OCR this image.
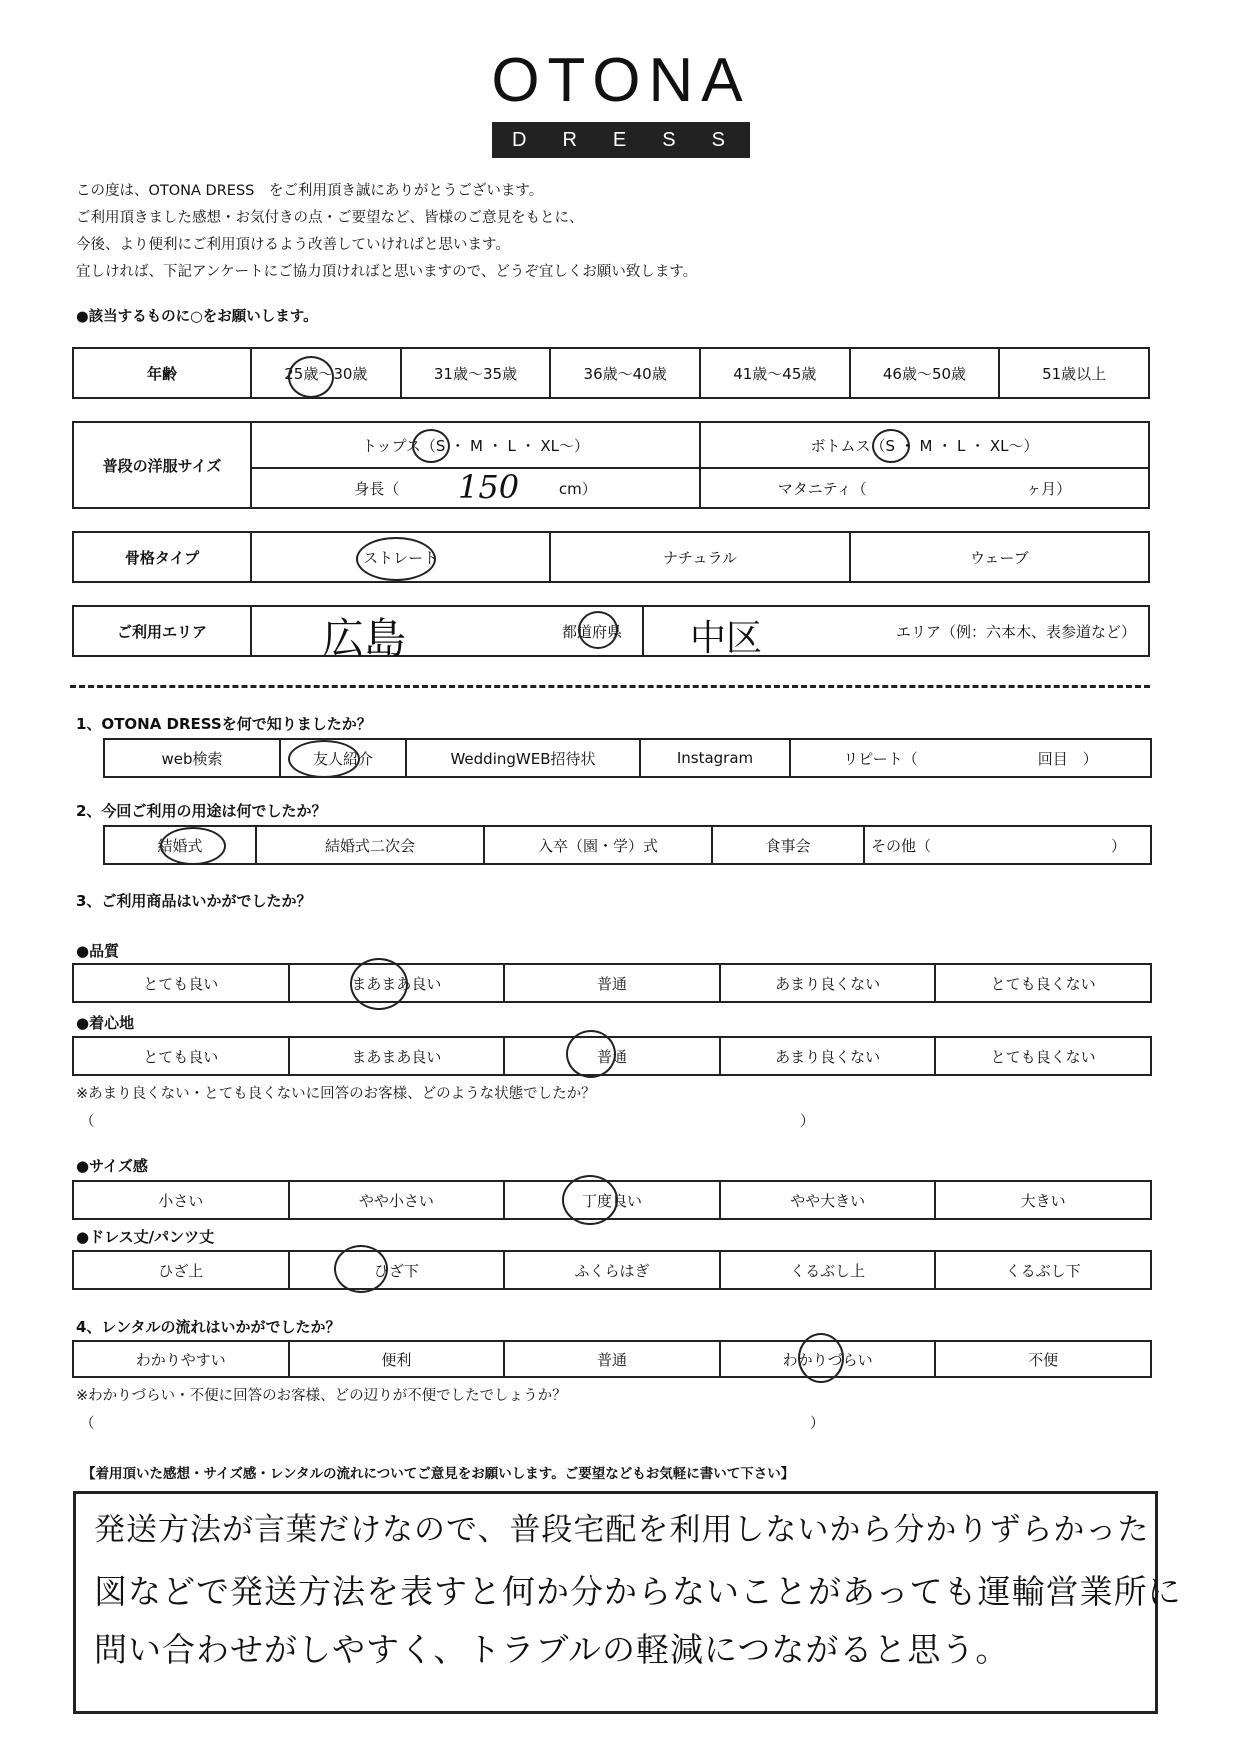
OTONA
DRESS
この度は、OTONA DRESS　をご利用頂き誠にありがとうございます。
ご利用頂きました感想・お気付きの点・ご要望など、皆様のご意見をもとに、
今後、より便利にご利用頂けるよう改善していければと思います。
宜しければ、下記アンケートにご協力頂ければと思いますので、どうぞ宜しくお願い致します。
●該当するものに○をお願いします。
年齢	25歳～30歳	31歳～35歳	36歳～40歳	41歳～45歳	46歳～50歳	51歳以上
普段の洋服サイズ	トップス（S ・ M ・ L ・ XL～）	ボトムス（S ・ M ・ L ・ XL～）
	身長（ cm）	マタニティ（ ヶ月）
150
骨格タイプ	ストレート	ナチュラル	ウェーブ
ご利用エリア	都道府県	エリア（例：六本木、表参道など）
広島	中区
1、OTONA DRESSを何で知りましたか？
web検索	友人紹介	WeddingWEB招待状	Instagram	リピート（　　　　　　　　回目　）
2、今回ご利用の用途は何でしたか？
結婚式	結婚式二次会	入卒（園・学）式	食事会	その他（　　　　　　　　　　　　）
3、ご利用商品はいかがでしたか？
●品質
とても良い	まあまあ良い	普通	あまり良くない	とても良くない
●着心地
とても良い	まあまあ良い	普通	あまり良くない	とても良くない
※あまり良くない・とても良くないに回答のお客様、どのような状態でしたか？
（	）
●サイズ感
小さい	やや小さい	丁度良い	やや大きい	大きい
●ドレス丈/パンツ丈
ひざ上	ひざ下	ふくらはぎ	くるぶし上	くるぶし下
4、レンタルの流れはいかがでしたか？
わかりやすい	便利	普通	わかりづらい	不便
※わかりづらい・不便に回答のお客様、どの辺りが不便でしたでしょうか？
（	）
【着用頂いた感想・サイズ感・レンタルの流れについてご意見をお願いします。ご要望などもお気軽に書いて下さい】
発送方法が言葉だけなので、普段宅配を利用しないから分かりずらかった
図などで発送方法を表すと何か分からないことがあっても運輸営業所に
問い合わせがしやすく、トラブルの軽減につながると思う。
